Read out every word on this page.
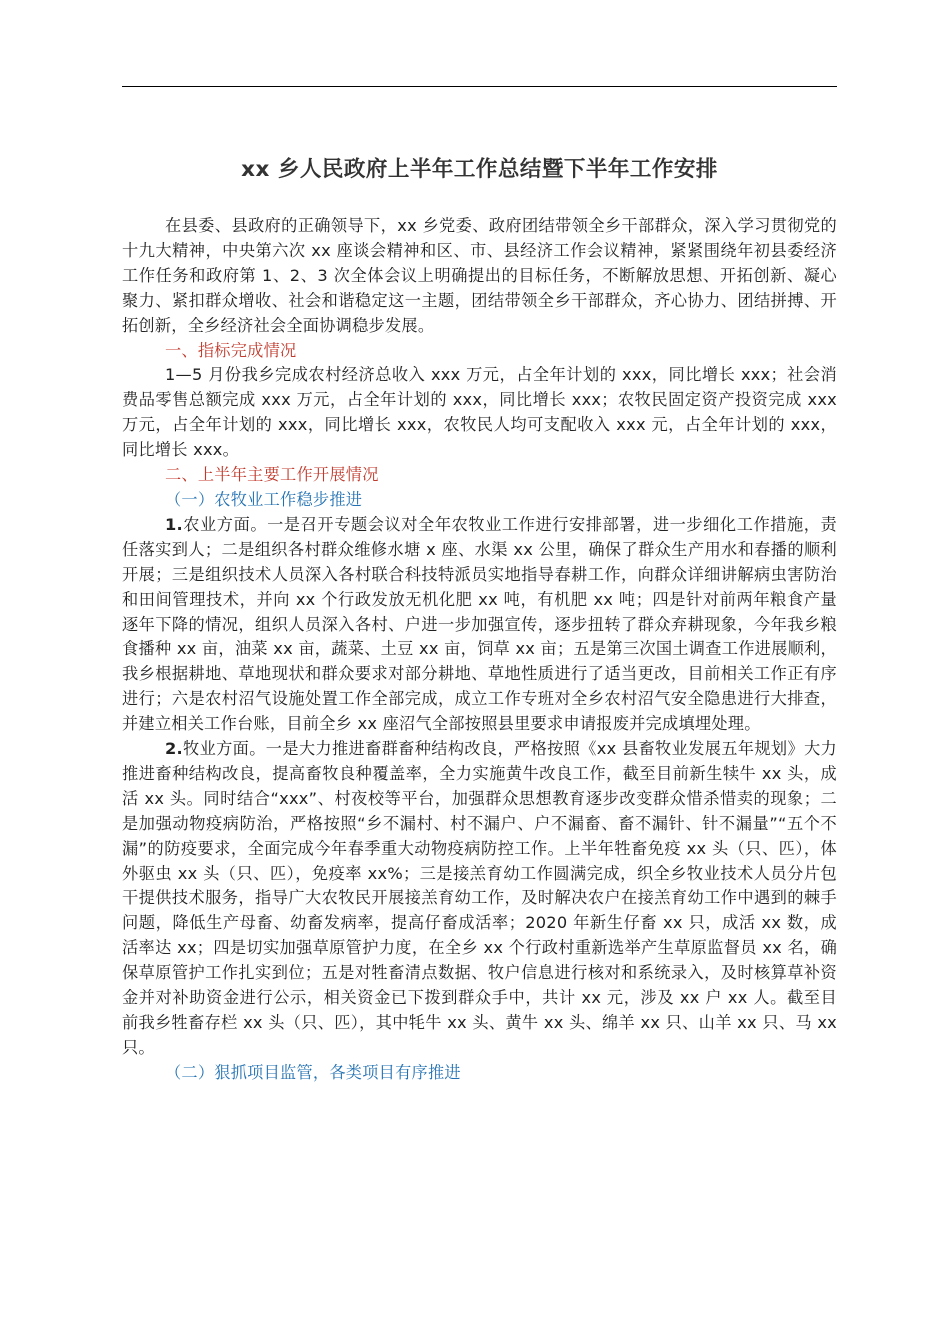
xx 乡人民政府上半年工作总结暨下半年工作安排

在县委、县政府的正确领导下，xx 乡党委、政府团结带领全乡干部群众，深入学习贯彻党的十九大精神，中央第六次 xx 座谈会精神和区、市、县经济工作会议精神，紧紧围绕年初县委经济工作任务和政府第 1、2、3 次全体会议上明确提出的目标任务，不断解放思想、开拓创新、凝心聚力、紧扣群众增收、社会和谐稳定这一主题，团结带领全乡干部群众，齐心协力、团结拼搏、开拓创新，全乡经济社会全面协调稳步发展。

一、指标完成情况

1—5 月份我乡完成农村经济总收入 xxx 万元，占全年计划的 xxx，同比增长 xxx；社会消费品零售总额完成 xxx 万元，占全年计划的 xxx，同比增长 xxx；农牧民固定资产投资完成 xxx 万元，占全年计划的 xxx，同比增长 xxx，农牧民人均可支配收入 xxx 元，占全年计划的 xxx，同比增长 xxx。

二、上半年主要工作开展情况

（一）农牧业工作稳步推进

1.农业方面。一是召开专题会议对全年农牧业工作进行安排部署，进一步细化工作措施，责任落实到人；二是组织各村群众维修水塘 x 座、水渠 xx 公里，确保了群众生产用水和春播的顺利开展；三是组织技术人员深入各村联合科技特派员实地指导春耕工作，向群众详细讲解病虫害防治和田间管理技术，并向 xx 个行政发放无机化肥 xx 吨，有机肥 xx 吨；四是针对前两年粮食产量逐年下降的情况，组织人员深入各村、户进一步加强宣传，逐步扭转了群众弃耕现象，今年我乡粮食播种 xx 亩，油菜 xx 亩，蔬菜、土豆 xx 亩，饲草 xx 亩；五是第三次国土调查工作进展顺利，我乡根据耕地、草地现状和群众要求对部分耕地、草地性质进行了适当更改，目前相关工作正有序进行；六是农村沼气设施处置工作全部完成，成立工作专班对全乡农村沼气安全隐患进行大排查，并建立相关工作台账，目前全乡 xx 座沼气全部按照县里要求申请报废并完成填埋处理。

2.牧业方面。一是大力推进畜群畜种结构改良，严格按照《xx 县畜牧业发展五年规划》大力推进畜种结构改良，提高畜牧良种覆盖率，全力实施黄牛改良工作，截至目前新生犊牛 xx 头，成活 xx 头。同时结合“xxx”、村夜校等平台，加强群众思想教育逐步改变群众惜杀惜卖的现象；二是加强动物疫病防治，严格按照“乡不漏村、村不漏户、户不漏畜、畜不漏针、针不漏量”“五个不漏”的防疫要求，全面完成今年春季重大动物疫病防控工作。上半年牲畜免疫 xx 头（只、匹），体外驱虫 xx 头（只、匹），免疫率 xx%；三是接羔育幼工作圆满完成，织全乡牧业技术人员分片包干提供技术服务，指导广大农牧民开展接羔育幼工作，及时解决农户在接羔育幼工作中遇到的棘手问题，降低生产母畜、幼畜发病率，提高仔畜成活率；2020 年新生仔畜 xx 只，成活 xx 数，成活率达 xx；四是切实加强草原管护力度，在全乡 xx 个行政村重新选举产生草原监督员 xx 名，确保草原管护工作扎实到位；五是对牲畜清点数据、牧户信息进行核对和系统录入，及时核算草补资金并对补助资金进行公示，相关资金已下拨到群众手中，共计 xx 元，涉及 xx 户 xx 人。截至目前我乡牲畜存栏 xx 头（只、匹），其中牦牛 xx 头、黄牛 xx 头、绵羊 xx 只、山羊 xx 只、马 xx 只。

（二）狠抓项目监管，各类项目有序推进
